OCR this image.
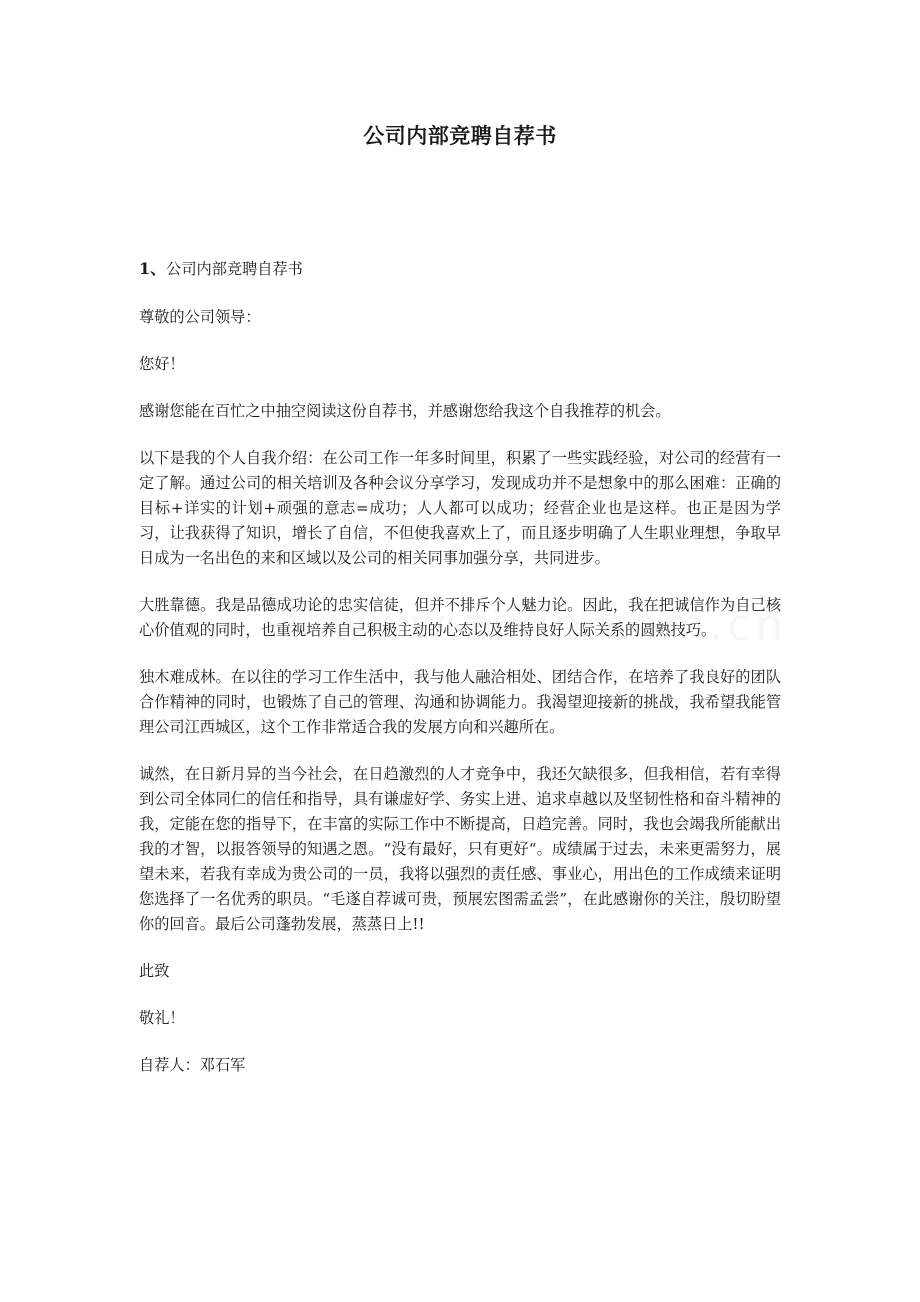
公司内部竞聘自荐书

1、公司内部竞聘自荐书

尊敬的公司领导：

您好！

感谢您能在百忙之中抽空阅读这份自荐书，并感谢您给我这个自我推荐的机会。

以下是我的个人自我介绍：在公司工作一年多时间里，积累了一些实践经验，对公司的经营有一定了解。通过公司的相关培训及各种会议分享学习，发现成功并不是想象中的那么困难：正确的目标+详实的计划+顽强的意志=成功；人人都可以成功；经营企业也是这样。也正是因为学习，让我获得了知识，增长了自信，不但使我喜欢上了，而且逐步明确了人生职业理想，争取早日成为一名出色的来和区域以及公司的相关同事加强分享，共同进步。

大胜靠德。我是品德成功论的忠实信徒，但并不排斥个人魅力论。因此，我在把诚信作为自己核心价值观的同时，也重视培养自己积极主动的心态以及维持良好人际关系的圆熟技巧。

独木难成林。在以往的学习工作生活中，我与他人融洽相处、团结合作，在培养了我良好的团队合作精神的同时，也锻炼了自己的管理、沟通和协调能力。我渴望迎接新的挑战，我希望我能管理公司江西城区，这个工作非常适合我的发展方向和兴趣所在。

诚然，在日新月异的当今社会，在日趋激烈的人才竞争中，我还欠缺很多，但我相信，若有幸得到公司全体同仁的信任和指导，具有谦虚好学、务实上进、追求卓越以及坚韧性格和奋斗精神的我，定能在您的指导下，在丰富的实际工作中不断提高，日趋完善。同时，我也会竭我所能献出我的才智，以报答领导的知遇之恩。“没有最好，只有更好“。成绩属于过去，未来更需努力，展望未来，若我有幸成为贵公司的一员，我将以强烈的责任感、事业心，用出色的工作成绩来证明您选择了一名优秀的职员。“毛遂自荐诚可贵，预展宏图需孟尝”，在此感谢你的关注，殷切盼望你的回音。最后公司蓬勃发展，蒸蒸日上!!

此致

敬礼！

自荐人：邓石军
